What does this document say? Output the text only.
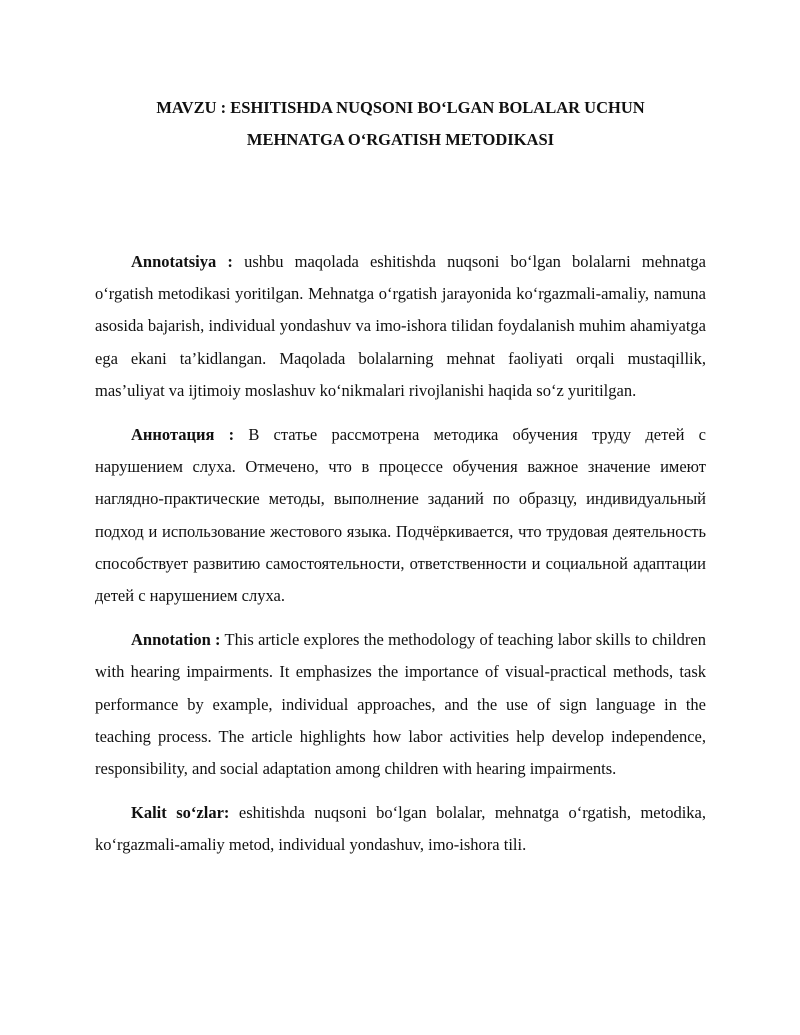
MAVZU : ESHITISHDA NUQSONI BO‘LGAN BOLALAR UCHUN
MEHNATGA O‘RGATISH METODIKASI

Annotatsiya : ushbu maqolada eshitishda nuqsoni bo‘lgan bolalarni mehnatga o‘rgatish metodikasi yoritilgan. Mehnatga o‘rgatish jarayonida ko‘rgazmali-amaliy, namuna asosida bajarish, individual yondashuv va imo-ishora tilidan foydalanish muhim ahamiyatga ega ekani ta’kidlangan. Maqolada bolalarning mehnat faoliyati orqali mustaqillik, mas’uliyat va ijtimoiy moslashuv ko‘nikmalari rivojlanishi haqida so‘z yuritilgan.

Аннотация : В статье рассмотрена методика обучения труду детей с нарушением слуха. Отмечено, что в процессе обучения важное значение имеют наглядно-практические методы, выполнение заданий по образцу, индивидуальный подход и использование жестового языка. Подчёркивается, что трудовая деятельность способствует развитию самостоятельности, ответственности и социальной адаптации детей с нарушением слуха.

Annotation : This article explores the methodology of teaching labor skills to children with hearing impairments. It emphasizes the importance of visual-practical methods, task performance by example, individual approaches, and the use of sign language in the teaching process. The article highlights how labor activities help develop independence, responsibility, and social adaptation among children with hearing impairments.

Kalit so‘zlar: eshitishda nuqsoni bo‘lgan bolalar, mehnatga o‘rgatish, metodika, ko‘rgazmali-amaliy metod, individual yondashuv, imo-ishora tili.
